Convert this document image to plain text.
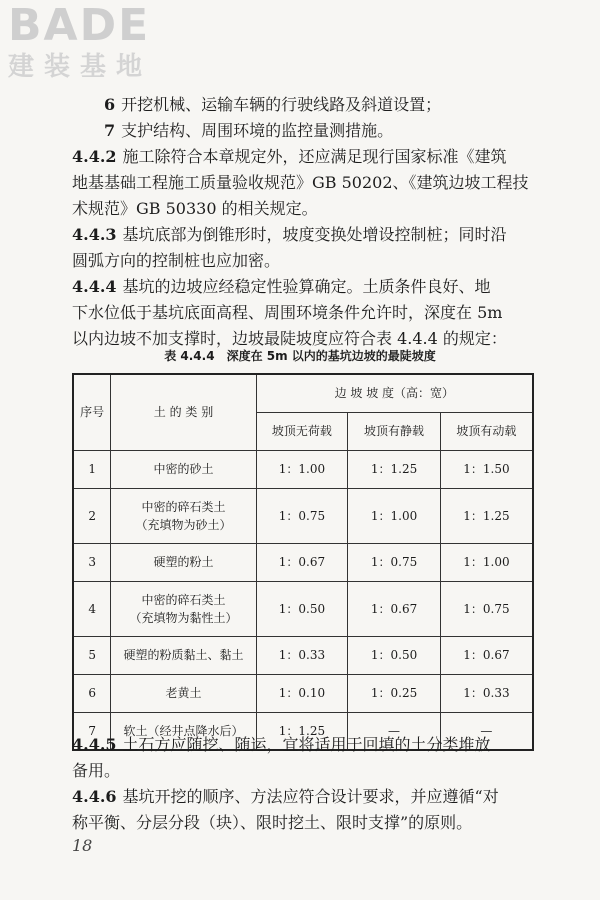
BADE
建装基地
6 开挖机械、运输车辆的行驶线路及斜道设置；
7 支护结构、周围环境的监控量测措施。
4.4.2 施工除符合本章规定外，还应满足现行国家标准《建筑
地基基础工程施工质量验收规范》GB 50202、《建筑边坡工程技
术规范》GB 50330 的相关规定。
4.4.3 基坑底部为倒锥形时，坡度变换处增设控制桩；同时沿
圆弧方向的控制桩也应加密。
4.4.4 基坑的边坡应经稳定性验算确定。土质条件良好、地
下水位低于基坑底面高程、周围环境条件允许时，深度在 5m
以内边坡不加支撑时，边坡最陡坡度应符合表 4.4.4 的规定：
表 4.4.4　深度在 5m 以内的基坑边坡的最陡坡度
序号	土 的 类 别	边 坡 坡 度（高：宽）		
		坡顶无荷载	坡顶有静载	坡顶有动载
1	中密的砂土	1：1.00	1：1.25	1：1.50
2	中密的碎石类土
（充填物为砂土）	1：0.75	1：1.00	1：1.25
3	硬塑的粉土	1：0.67	1：0.75	1：1.00
4	中密的碎石类土
（充填物为黏性土）	1：0.50	1：0.67	1：0.75
5	硬塑的粉质黏土、黏土	1：0.33	1：0.50	1：0.67
6	老黄土	1：0.10	1：0.25	1：0.33
7	软土（经井点降水后）	1：1.25	—	—
4.4.5 土石方应随挖、随运，宜将适用于回填的土分类堆放
备用。
4.4.6 基坑开挖的顺序、方法应符合设计要求，并应遵循“对
称平衡、分层分段（块）、限时挖土、限时支撑”的原则。
18
